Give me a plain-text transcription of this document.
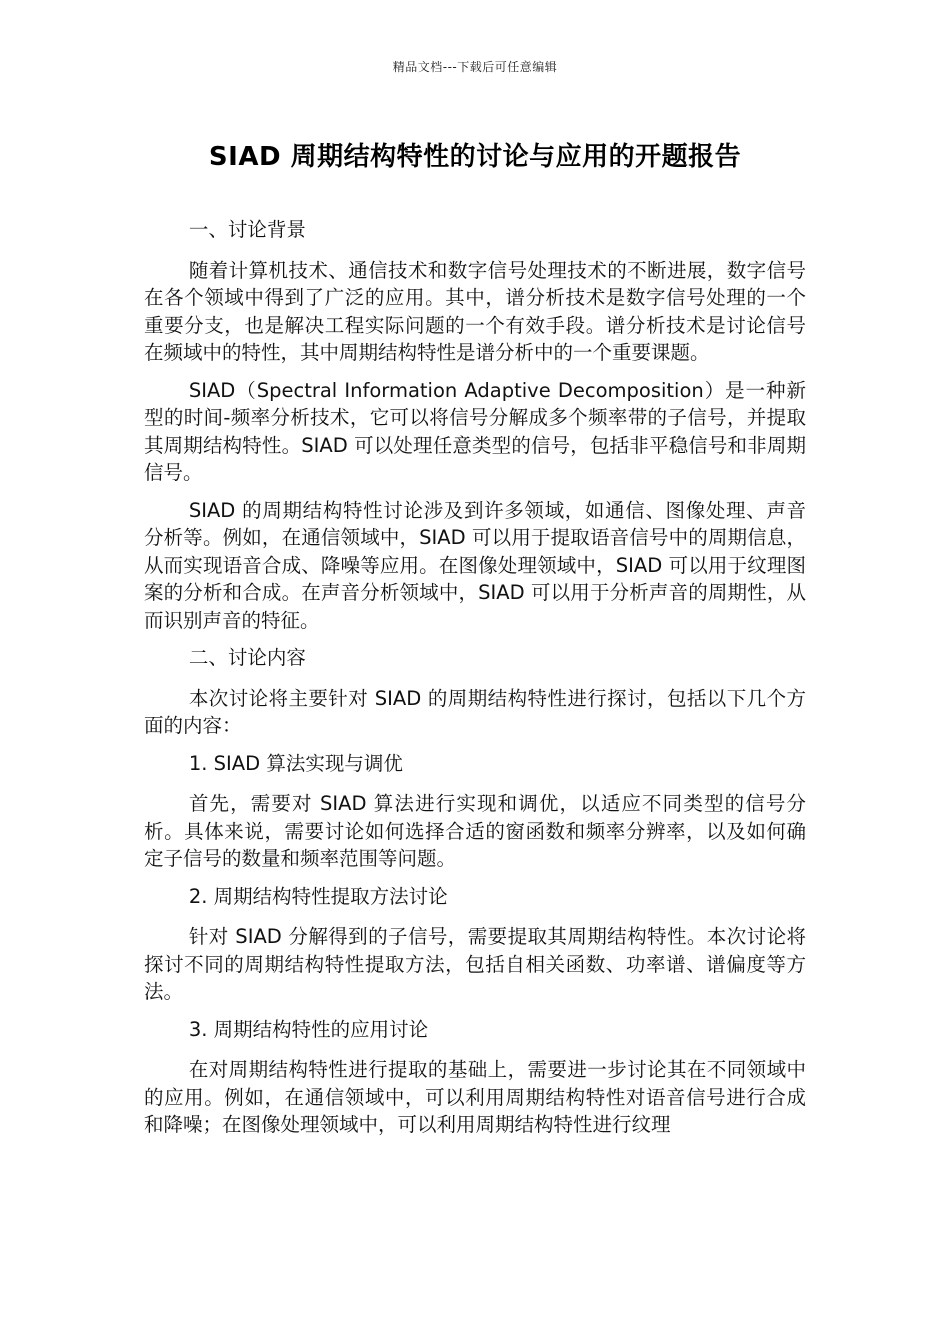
精品文档---下载后可任意编辑
SIAD 周期结构特性的讨论与应用的开题报告

一、讨论背景

随着计算机技术、通信技术和数字信号处理技术的不断进展，数字信号在各个领域中得到了广泛的应用。其中，谱分析技术是数字信号处理的一个重要分支，也是解决工程实际问题的一个有效手段。谱分析技术是讨论信号在频域中的特性，其中周期结构特性是谱分析中的一个重要课题。

SIAD（Spectral Information Adaptive Decomposition）是一种新型的时间-频率分析技术，它可以将信号分解成多个频率带的子信号，并提取其周期结构特性。SIAD 可以处理任意类型的信号，包括非平稳信号和非周期信号。

SIAD 的周期结构特性讨论涉及到许多领域，如通信、图像处理、声音分析等。例如，在通信领域中，SIAD 可以用于提取语音信号中的周期信息，从而实现语音合成、降噪等应用。在图像处理领域中，SIAD 可以用于纹理图案的分析和合成。在声音分析领域中，SIAD 可以用于分析声音的周期性，从而识别声音的特征。

二、讨论内容

本次讨论将主要针对 SIAD 的周期结构特性进行探讨，包括以下几个方面的内容：

1. SIAD 算法实现与调优

首先，需要对 SIAD 算法进行实现和调优，以适应不同类型的信号分析。具体来说，需要讨论如何选择合适的窗函数和频率分辨率，以及如何确定子信号的数量和频率范围等问题。

2. 周期结构特性提取方法讨论

针对 SIAD 分解得到的子信号，需要提取其周期结构特性。本次讨论将探讨不同的周期结构特性提取方法，包括自相关函数、功率谱、谱偏度等方法。

3. 周期结构特性的应用讨论

在对周期结构特性进行提取的基础上，需要进一步讨论其在不同领域中的应用。例如，在通信领域中，可以利用周期结构特性对语音信号进行合成和降噪；在图像处理领域中，可以利用周期结构特性进行纹理
